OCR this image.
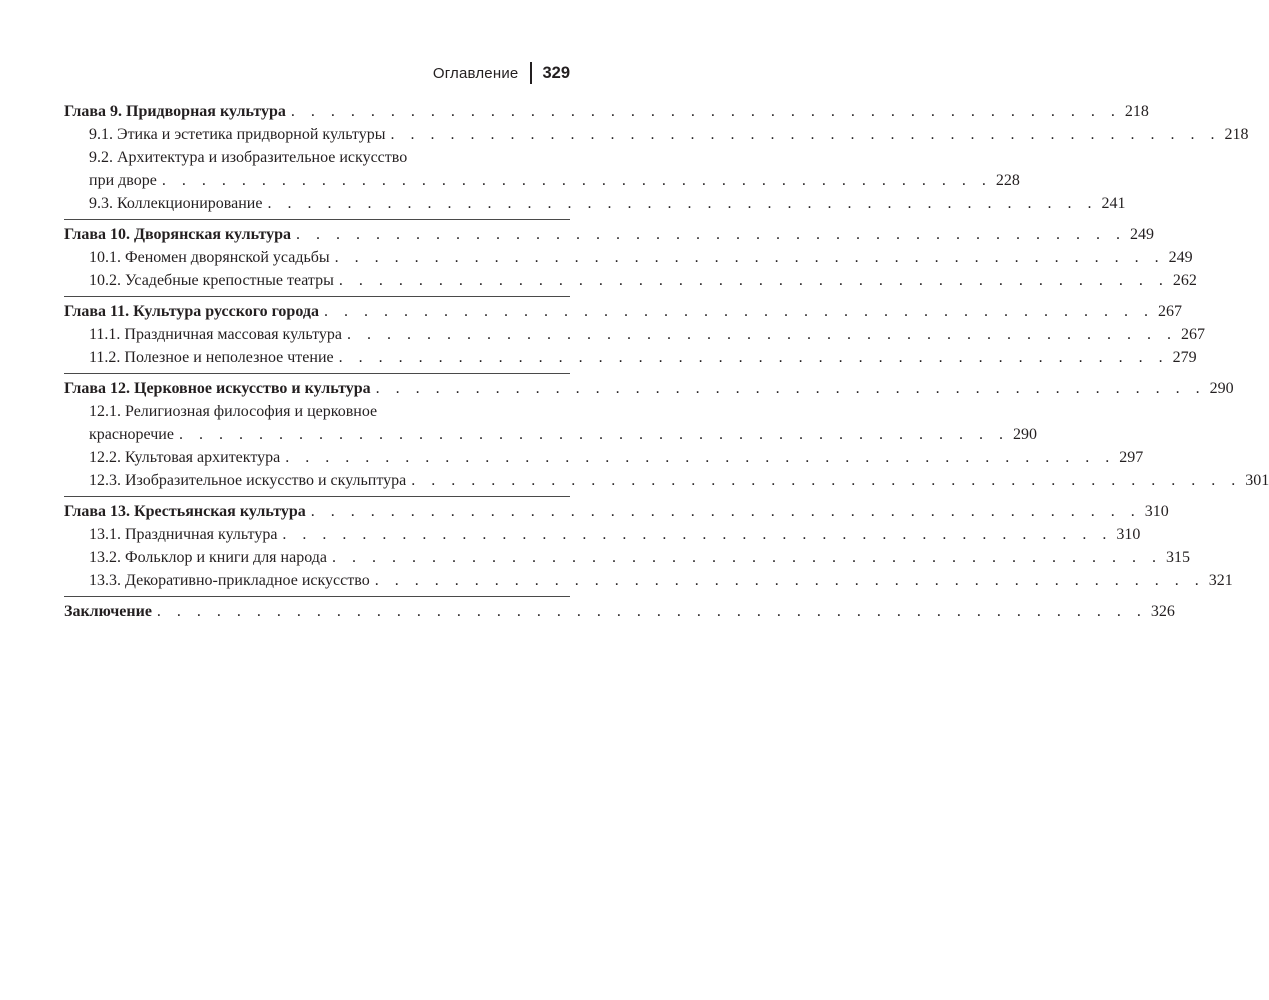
Оглавление 329
Глава 9. Придворная культура . . . . . . . . . . . . . . . . . . . . . . . . . . . . . . . . . . . . . . . . . . 218
9.1. Этика и эстетика придворной культуры . . . . . . . . . . . . . . . . . . . . . . . . . . . . . . . . . . . . . . . . . . 218
9.2. Архитектура и изобразительное искусство
при дворе . . . . . . . . . . . . . . . . . . . . . . . . . . . . . . . . . . . . . . . . . . 228
9.3. Коллекционирование . . . . . . . . . . . . . . . . . . . . . . . . . . . . . . . . . . . . . . . . . . 241
Глава 10. Дворянская культура . . . . . . . . . . . . . . . . . . . . . . . . . . . . . . . . . . . . . . . . . . 249
10.1. Феномен дворянской усадьбы . . . . . . . . . . . . . . . . . . . . . . . . . . . . . . . . . . . . . . . . . . 249
10.2. Усадебные крепостные театры . . . . . . . . . . . . . . . . . . . . . . . . . . . . . . . . . . . . . . . . . . 262
Глава 11. Культура русского города . . . . . . . . . . . . . . . . . . . . . . . . . . . . . . . . . . . . . . . . . . 267
11.1. Праздничная массовая культура . . . . . . . . . . . . . . . . . . . . . . . . . . . . . . . . . . . . . . . . . . 267
11.2. Полезное и неполезное чтение . . . . . . . . . . . . . . . . . . . . . . . . . . . . . . . . . . . . . . . . . . 279
Глава 12. Церковное искусство и культура . . . . . . . . . . . . . . . . . . . . . . . . . . . . . . . . . . . . . . . . . . 290
12.1. Религиозная философия и церковное
красноречие . . . . . . . . . . . . . . . . . . . . . . . . . . . . . . . . . . . . . . . . . . 290
12.2. Культовая архитектура . . . . . . . . . . . . . . . . . . . . . . . . . . . . . . . . . . . . . . . . . . 297
12.3. Изобразительное искусство и скульптура . . . . . . . . . . . . . . . . . . . . . . . . . . . . . . . . . . . . . . . . . . 301
Глава 13. Крестьянская культура . . . . . . . . . . . . . . . . . . . . . . . . . . . . . . . . . . . . . . . . . . 310
13.1. Праздничная культура . . . . . . . . . . . . . . . . . . . . . . . . . . . . . . . . . . . . . . . . . . 310
13.2. Фольклор и книги для народа . . . . . . . . . . . . . . . . . . . . . . . . . . . . . . . . . . . . . . . . . . 315
13.3. Декоративно-прикладное искусство . . . . . . . . . . . . . . . . . . . . . . . . . . . . . . . . . . . . . . . . . . 321
Заключение . . . . . . . . . . . . . . . . . . . . . . . . . . . . . . . . . . . . . . . . . . . . . . . . . . 326
